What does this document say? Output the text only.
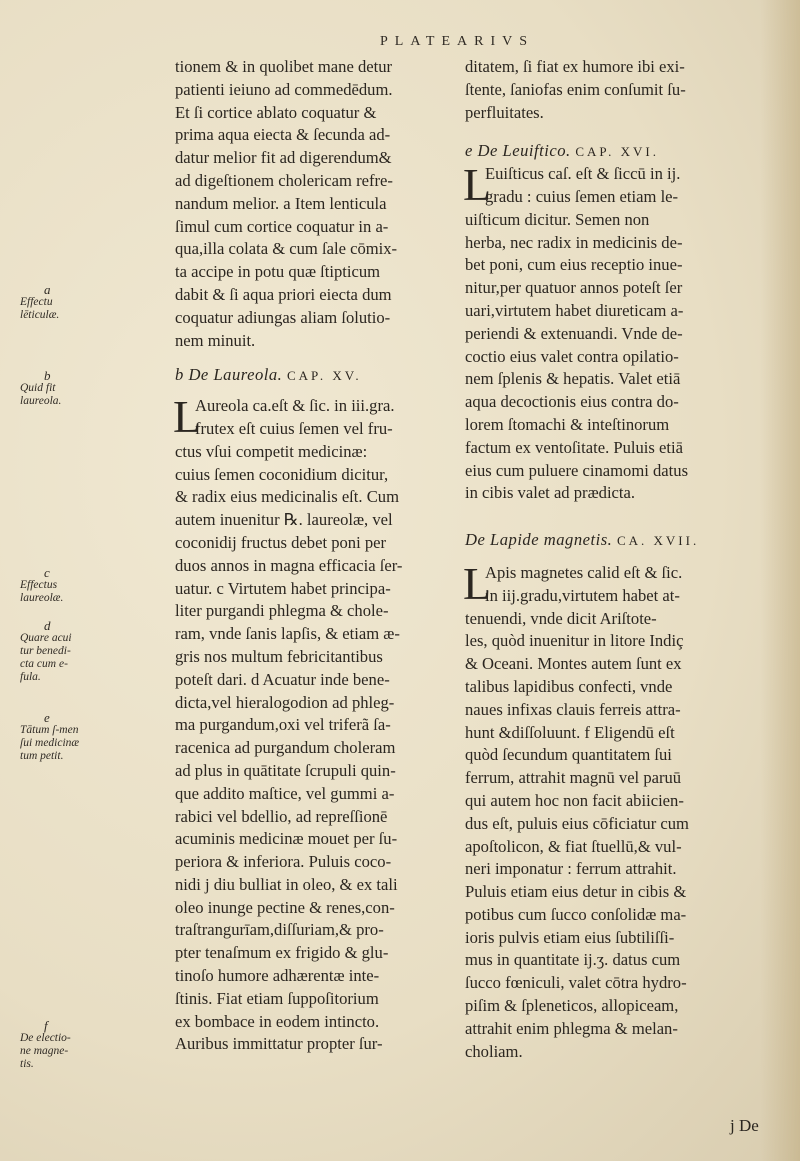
PLATEARIVS
a
Effectu lēticulæ.
b
Quid fit laureola.
c
Effectus laureolæ.
d
Quare acui tur benedi-cta cum e-fula.
e
Tātum ſ-men ſui medicinæ tum petit.
f
De electio-ne magne-tis.
tionem & in quolibet mane detur
patienti ieiuno ad commedēdum.
Et ſi cortice ablato coquatur &
prima aqua eiecta & ſecunda ad-
datur melior fit ad digerendum&
ad digeſtionem cholericam refre-
nandum melior. a Item lenticula
ſimul cum cortice coquatur in a-
qua,illa colata & cum ſale cōmix-
ta accipe in potu quæ ſtipticum
dabit & ſi aqua priori eiecta dum
coquatur adiungas aliam ſolutio-
nem minuit.
b De Laureola. CAP. XV.
L
Aureola ca.eſt & ſic. in iii.gra.
frutex eſt cuius ſemen vel fru-
ctus vſui competit medicinæ:
cuius ſemen coconidium dicitur,
& radix eius medicinalis eſt. Cum
autem inuenitur ℞. laureolæ, vel
coconidij fructus debet poni per
duos annos in magna efficacia ſer-
uatur. c Virtutem habet principa-
liter purgandi phlegma & chole-
ram, vnde ſanis lapſis, & etiam æ-
gris nos multum febricitantibus
poteſt dari. d Acuatur inde bene-
dicta,vel hieralogodion ad phleg-
ma purgandum,oxi vel triferã ſa-
racenica ad purgandum choleram
ad plus in quātitate ſcrupuli quin-
que addito maſtice, vel gummi a-
rabici vel bdellio, ad repreſſionē
acuminis medicinæ mouet per ſu-
periora & inferiora. Puluis coco-
nidi j diu bulliat in oleo, & ex tali
oleo inunge pectine & renes,con-
traſtrangurīam,diſſuriam,& pro-
pter tenaſmum ex frigido & glu-
tinoſo humore adhærentæ inte-
ſtinis. Fiat etiam ſuppoſitorium
ex bombace in eodem intincto.
Auribus immittatur propter ſur-
ditatem, ſi fiat ex humore ibi exi-
ſtente, ſaniofas enim conſumit ſu-
perfluitates.
e De Leuiftico. CAP. XVI.
L
Euiſticus caſ. eſt & ſiccū in ij.
gradu : cuius ſemen etiam le-
uiſticum dicitur. Semen non
herba, nec radix in medicinis de-
bet poni, cum eius receptio inue-
nitur,per quatuor annos poteſt ſer
uari,virtutem habet diureticam a-
periendi & extenuandi. Vnde de-
coctio eius valet contra opilatio-
nem ſplenis & hepatis. Valet etiā
aqua decoctionis eius contra do-
lorem ſtomachi & inteſtinorum
factum ex ventoſitate. Puluis etiā
eius cum puluere cinamomi datus
in cibis valet ad prædicta.
De Lapide magnetis. CA. XVII.
L
Apis magnetes calid eſt & ſic.
in iij.gradu,virtutem habet at-
tenuendi, vnde dicit Ariſtote-
les, quòd inuenitur in litore Indiç
& Oceani. Montes autem ſunt ex
talibus lapidibus confecti, vnde
naues infixas clauis ferreis attra-
hunt &diſſoluunt. f Eligendū eſt
quòd ſecundum quantitatem ſui
ferrum, attrahit magnū vel paruū
qui autem hoc non facit abiicien-
dus eſt, puluis eius cōficiatur cum
apoſtolicon, & fiat ſtuellū,& vul-
neri imponatur : ferrum attrahit.
Puluis etiam eius detur in cibis &
potibus cum ſucco conſolidæ ma-
ioris pulvis etiam eius ſubtiliſſi-
mus in quantitate ij.ʒ. datus cum
ſucco fœniculi, valet cōtra hydro-
piſim & ſpleneticos, allopiceam,
attrahit enim phlegma & melan-
choliam.
j De
